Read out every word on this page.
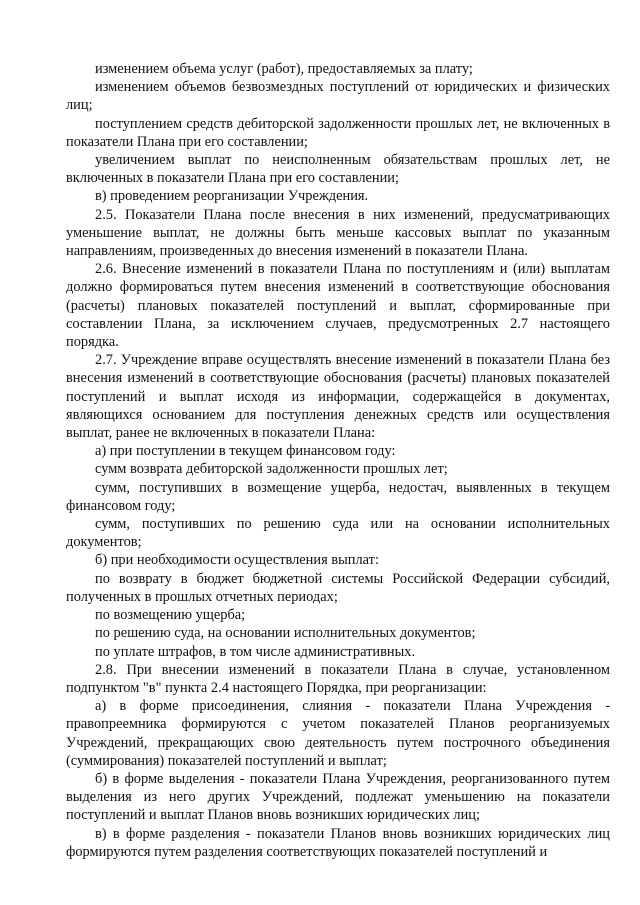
изменением объема услуг (работ), предоставляемых за плату;

изменением объемов безвозмездных поступлений от юридических и физических лиц;

поступлением средств дебиторской задолженности прошлых лет, не включенных в показатели Плана при его составлении;

увеличением выплат по неисполненным обязательствам прошлых лет, не включенных в показатели Плана при его составлении;

в) проведением реорганизации Учреждения.

2.5. Показатели Плана после внесения в них изменений, предусматривающих уменьшение выплат, не должны быть меньше кассовых выплат по указанным направлениям, произведенных до внесения изменений в показатели Плана.

2.6. Внесение изменений в показатели Плана по поступлениям и (или) выплатам должно формироваться путем внесения изменений в соответствующие обоснования (расчеты) плановых показателей поступлений и выплат, сформированные при составлении Плана, за исключением случаев, предусмотренных 2.7 настоящего порядка.

2.7. Учреждение вправе осуществлять внесение изменений в показатели Плана без внесения изменений в соответствующие обоснования (расчеты) плановых показателей поступлений и выплат исходя из информации, содержащейся в документах, являющихся основанием для поступления денежных средств или осуществления выплат, ранее не включенных в показатели Плана:

а) при поступлении в текущем финансовом году:

сумм возврата дебиторской задолженности прошлых лет;

сумм, поступивших в возмещение ущерба, недостач, выявленных в текущем финансовом году;

сумм, поступивших по решению суда или на основании исполнительных документов;

б) при необходимости осуществления выплат:

по возврату в бюджет бюджетной системы Российской Федерации субсидий, полученных в прошлых отчетных периодах;

по возмещению ущерба;

по решению суда, на основании исполнительных документов;

по уплате штрафов, в том числе административных.

2.8. При внесении изменений в показатели Плана в случае, установленном подпунктом "в" пункта 2.4 настоящего Порядка, при реорганизации:

а) в форме присоединения, слияния - показатели Плана Учреждения - правопреемника формируются с учетом показателей Планов реорганизуемых Учреждений, прекращающих свою деятельность путем построчного объединения (суммирования) показателей поступлений и выплат;

б) в форме выделения - показатели Плана Учреждения, реорганизованного путем выделения из него других Учреждений, подлежат уменьшению на показатели поступлений и выплат Планов вновь возникших юридических лиц;

в) в форме разделения - показатели Планов вновь возникших юридических лиц формируются путем разделения соответствующих показателей поступлений и
